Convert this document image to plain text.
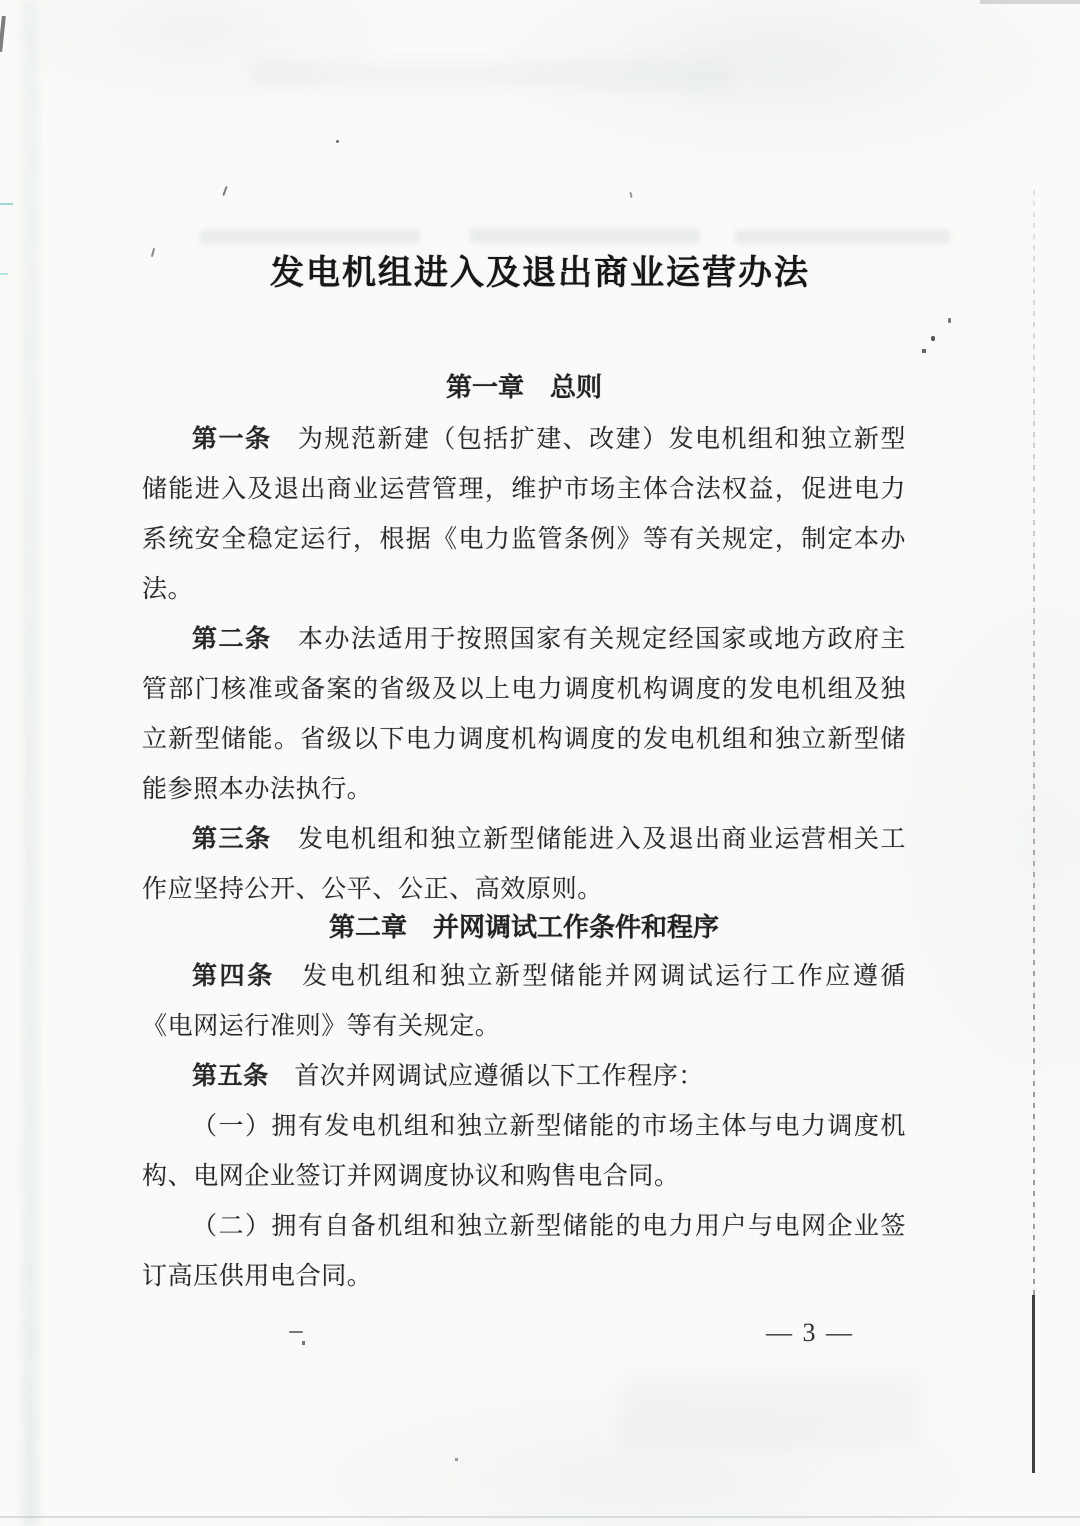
发电机组进入及退出商业运营办法
第一章　总则

第一条　为规范新建（包括扩建、改建）发电机组和独立新型储能进入及退出商业运营管理，维护市场主体合法权益，促进电力系统安全稳定运行，根据《电力监管条例》等有关规定，制定本办法。

第二条　本办法适用于按照国家有关规定经国家或地方政府主管部门核准或备案的省级及以上电力调度机构调度的发电机组及独立新型储能。省级以下电力调度机构调度的发电机组和独立新型储能参照本办法执行。

第三条　发电机组和独立新型储能进入及退出商业运营相关工作应坚持公开、公平、公正、高效原则。

第二章　并网调试工作条件和程序

第四条　发电机组和独立新型储能并网调试运行工作应遵循《电网运行准则》等有关规定。

第五条　首次并网调试应遵循以下工作程序：

（一）拥有发电机组和独立新型储能的市场主体与电力调度机构、电网企业签订并网调度协议和购售电合同。

（二）拥有自备机组和独立新型储能的电力用户与电网企业签订高压供用电合同。

— 3 —
